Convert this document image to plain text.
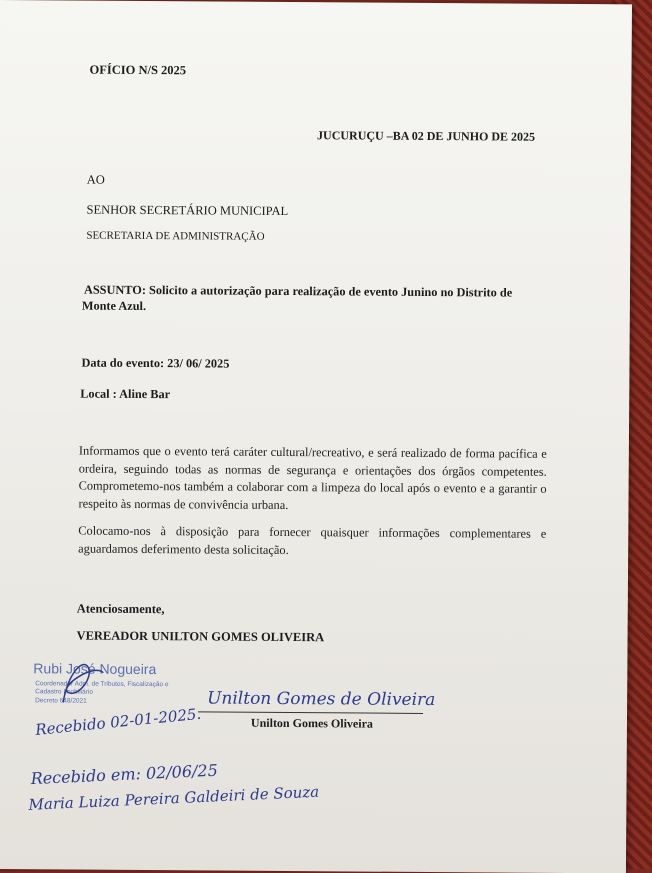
OFÍCIO N/S 2025
JUCURUÇU –BA 02 DE JUNHO DE 2025
AO
SENHOR SECRETÁRIO MUNICIPAL
SECRETARIA DE ADMINISTRAÇÃO
ASSUNTO: Solicito a autorização para realização de evento Junino no Distrito de
Monte Azul.
Data do evento: 23/ 06/ 2025
Local : Aline Bar
Informamos que o evento terá caráter cultural/recreativo, e será realizado de forma pacífica e ordeira, seguindo todas as normas de segurança e orientações dos órgãos competentes. Comprometemo-nos também a colaborar com a limpeza do local após o evento e a garantir o respeito às normas de convivência urbana.
Colocamo-nos à disposição para fornecer quaisquer informações complementares e aguardamos deferimento desta solicitação.
Atenciosamente,
VEREADOR UNILTON GOMES OLIVEIRA
Rubi José Nogueira
Coordenador Adm. de Tributos, Fiscalização e
Cadastro Imobiliário
Decreto 648/2021
Recebido 02-01-2025.
Unilton Gomes de Oliveira
Unilton Gomes Oliveira
Recebido em: 02/06/25
Maria Luiza Pereira Galdeiri de Souza
